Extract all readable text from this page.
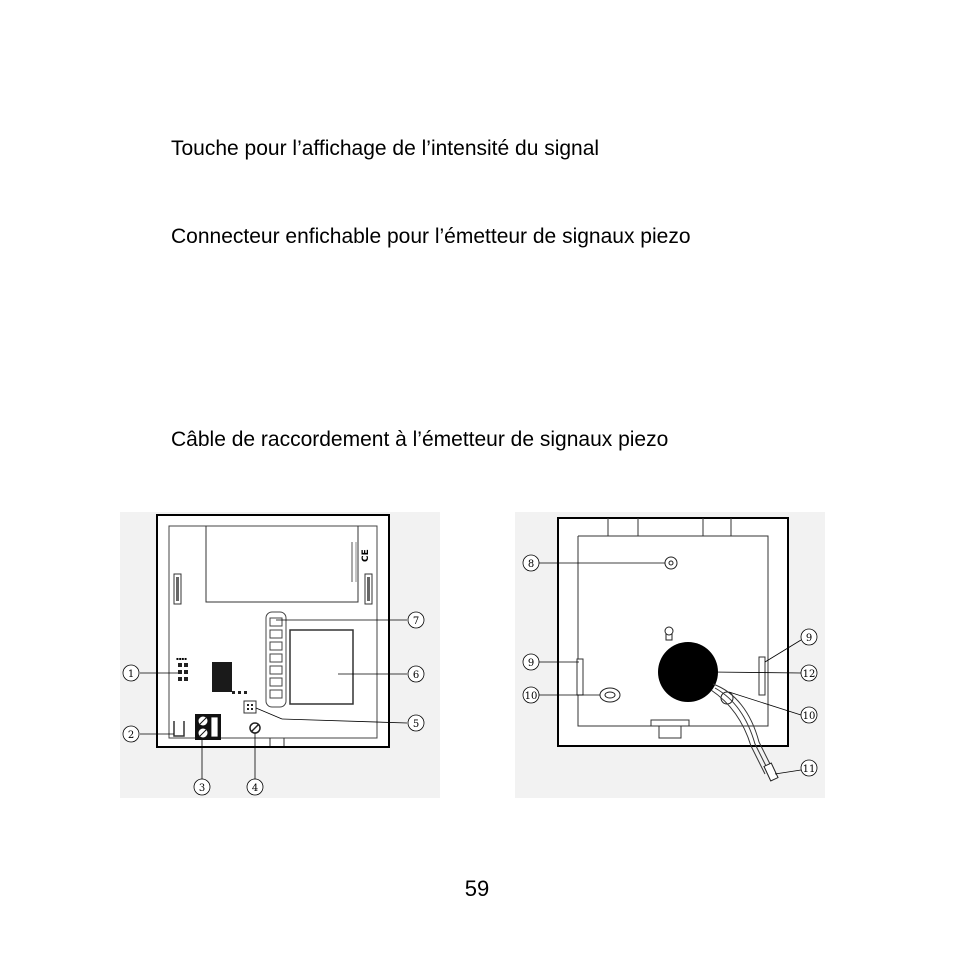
Touche pour l’affichage de l’intensité du signal

Connecteur enfichable pour l’émetteur de signaux piezo

Câble de raccordement à l’émetteur de signaux piezo

CE
▪▪▪▪
1
2
3	4
5
6
7
8
9
10
9
12
10
11
59
